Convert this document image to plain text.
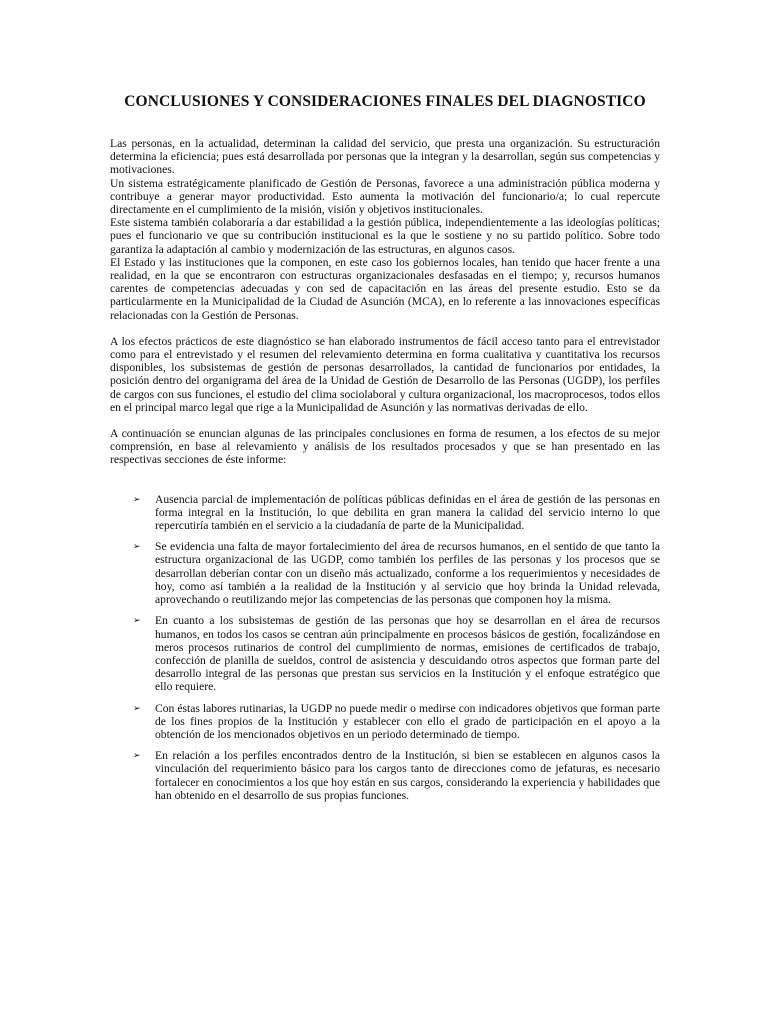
CONCLUSIONES Y CONSIDERACIONES FINALES DEL DIAGNOSTICO

Las personas, en la actualidad, determinan la calidad del servicio, que presta una organización. Su estructuración determina la eficiencia; pues está desarrollada por personas que la integran y la desarrollan, según sus competencias y motivaciones.

Un sistema estratégicamente planificado de Gestión de Personas, favorece a una administración pública moderna y contribuye a generar mayor productividad. Esto aumenta la motivación del funcionario/a; lo cual repercute directamente en el cumplimiento de la misión, visión y objetivos institucionales.

Este sistema también colaboraría a dar estabilidad a la gestión pública, independientemente a las ideologías políticas; pues el funcionario ve que su contribución institucional es la que le sostiene y no su partido político. Sobre todo garantiza la adaptación al cambio y modernización de las estructuras, en algunos casos.

El Estado y las instituciones que la componen, en este caso los gobiernos locales, han tenido que hacer frente a una realidad, en la que se encontraron con estructuras organizacionales desfasadas en el tiempo; y, recursos humanos carentes de competencias adecuadas y con sed de capacitación en las áreas del presente estudio. Esto se da particularmente en la Municipalidad de la Ciudad de Asunción (MCA), en lo referente a las innovaciones específicas relacionadas con la Gestión de Personas.

A los efectos prácticos de este diagnóstico se han elaborado instrumentos de fácil acceso tanto para el entrevistador como para el entrevistado y el resumen del relevamiento determina en forma cualitativa y cuantitativa los recursos disponibles, los subsistemas de gestión de personas desarrollados, la cantidad de funcionarios por entidades, la posición dentro del organigrama del área de la Unidad de Gestión de Desarrollo de las Personas (UGDP), los perfiles de cargos con sus funciones, el estudio del clima sociolaboral y cultura organizacional, los macroprocesos, todos ellos en el principal marco legal que rige a la Municipalidad de Asunción y las normativas derivadas de ello.

A continuación se enuncian algunas de las principales conclusiones en forma de resumen, a los efectos de su mejor comprensión, en base al relevamiento y análisis de los resultados procesados y que se han presentado en las respectivas secciones de éste informe:

➢ Ausencia parcial de implementación de políticas públicas definidas en el área de gestión de las personas en forma integral en la Institución, lo que debilita en gran manera la calidad del servicio interno lo que repercutiría también en el servicio a la ciudadanía de parte de la Municipalidad.

➢ Se evidencia una falta de mayor fortalecimiento del área de recursos humanos, en el sentido de que tanto la estructura organizacional de las UGDP, como también los perfiles de las personas y los procesos que se desarrollan deberían contar con un diseño más actualizado, conforme a los requerimientos y necesidades de hoy, como así también a la realidad de la Institución y al servicio que hoy brinda la Unidad relevada, aprovechando o reutilizando mejor las competencias de las personas que componen hoy la misma.

➢ En cuanto a los subsistemas de gestión de las personas que hoy se desarrollan en el área de recursos humanos, en todos los casos se centran aún principalmente en procesos básicos de gestión, focalizándose en meros procesos rutinarios de control del cumplimiento de normas, emisiones de certificados de trabajo, confección de planilla de sueldos, control de asistencia y descuidando otros aspectos que forman parte del desarrollo integral de las personas que prestan sus servicios en la Institución y el enfoque estratégico que ello requiere.

➢ Con éstas labores rutinarias, la UGDP no puede medir o medirse con indicadores objetivos que forman parte de los fines propios de la Institución y establecer con ello el grado de participación en el apoyo a la obtención de los mencionados objetivos en un periodo determinado de tiempo.

➢ En relación a los perfiles encontrados dentro de la Institución, si bien se establecen en algunos casos la vinculación del requerimiento básico para los cargos tanto de direcciones como de jefaturas, es necesario fortalecer en conocimientos a los que hoy están en sus cargos, considerando la experiencia y habilidades que han obtenido en el desarrollo de sus propias funciones.
